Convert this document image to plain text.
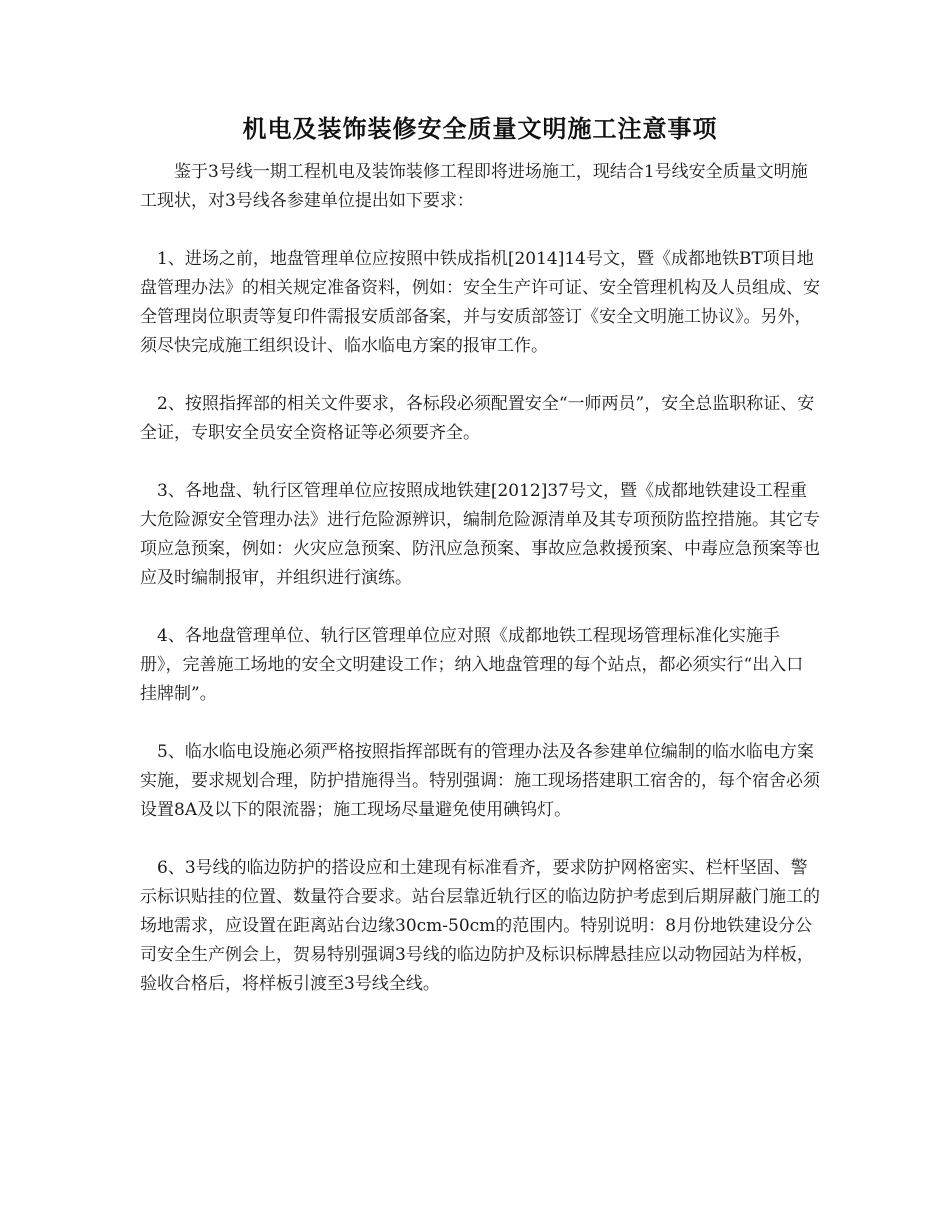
机电及装饰装修安全质量文明施工注意事项

鉴于3号线一期工程机电及装饰装修工程即将进场施工，现结合1号线安全质量文明施工现状，对3号线各参建单位提出如下要求：

1、进场之前，地盘管理单位应按照中铁成指机[2014]14号文，暨《成都地铁BT项目地盘管理办法》的相关规定准备资料，例如：安全生产许可证、安全管理机构及人员组成、安全管理岗位职责等复印件需报安质部备案，并与安质部签订《安全文明施工协议》。另外，须尽快完成施工组织设计、临水临电方案的报审工作。

2、按照指挥部的相关文件要求，各标段必须配置安全“一师两员”，安全总监职称证、安全证，专职安全员安全资格证等必须要齐全。

3、各地盘、轨行区管理单位应按照成地铁建[2012]37号文，暨《成都地铁建设工程重大危险源安全管理办法》进行危险源辨识，编制危险源清单及其专项预防监控措施。其它专项应急预案，例如：火灾应急预案、防汛应急预案、事故应急救援预案、中毒应急预案等也应及时编制报审，并组织进行演练。

4、各地盘管理单位、轨行区管理单位应对照《成都地铁工程现场管理标准化实施手册》，完善施工场地的安全文明建设工作；纳入地盘管理的每个站点，都必须实行“出入口挂牌制”。

5、临水临电设施必须严格按照指挥部既有的管理办法及各参建单位编制的临水临电方案实施，要求规划合理，防护措施得当。特别强调：施工现场搭建职工宿舍的，每个宿舍必须设置8A及以下的限流器；施工现场尽量避免使用碘钨灯。

6、3号线的临边防护的搭设应和土建现有标准看齐，要求防护网格密实、栏杆坚固、警示标识贴挂的位置、数量符合要求。站台层靠近轨行区的临边防护考虑到后期屏蔽门施工的场地需求，应设置在距离站台边缘30cm-50cm的范围内。特别说明：8月份地铁建设分公司安全生产例会上，贺易特别强调3号线的临边防护及标识标牌悬挂应以动物园站为样板，验收合格后，将样板引渡至3号线全线。
